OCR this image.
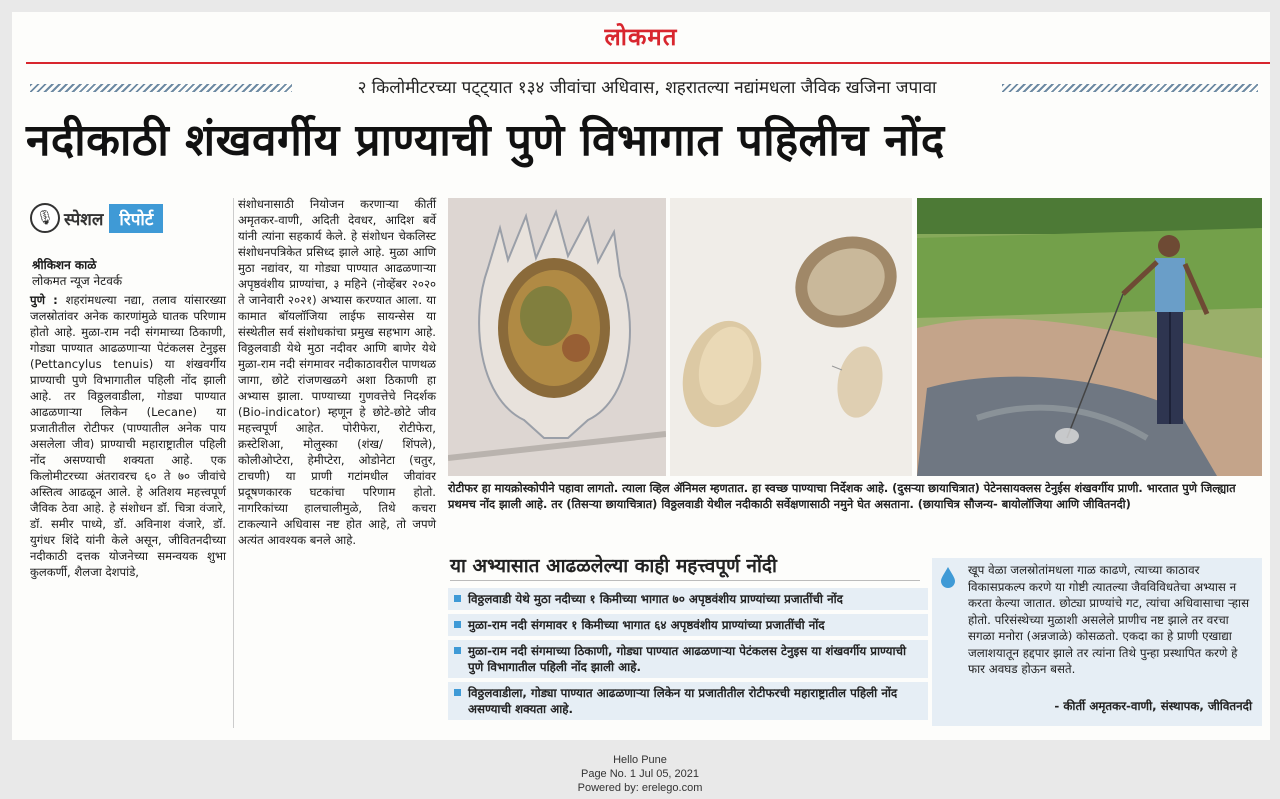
लोकमत
२ किलोमीटरच्या पट्ट्यात १३४ जीवांचा अधिवास, शहरातल्या नद्यांमधला जैविक खजिना जपावा
नदीकाठी शंखवर्गीय प्राण्याची पुणे विभागात पहिलीच नोंद
🎙 स्पेशल रिपोर्ट
श्रीकिशन काळे
लोकमत न्यूज नेटवर्क
पुणे : शहरांमधल्या नद्या, तलाव यांसारख्या जलस्रोतांवर अनेक कारणांमुळे घातक परिणाम होतो आहे. मुळा-राम नदी संगमाच्या ठिकाणी, गोड्या पाण्यात आढळणाऱ्या पेटंकलस टेनुइस (Pettancylus tenuis) या शंखवर्गीय प्राण्याची पुणे विभागातील पहिली नोंद झाली आहे. तर विठ्ठलवाडीला, गोड्या पाण्यात आढळणाऱ्या लिकेन (Lecane) या प्रजातीतील रोटीफर (पाण्यातील अनेक पाय असलेला जीव) प्राण्याची महाराष्ट्रातील पहिली नोंद असण्याची शक्यता आहे. एक किलोमीटरच्या अंतरावरच ६० ते ७० जीवांचे अस्तित्व आढळून आले. हे अतिशय महत्त्वपूर्ण जैविक ठेवा आहे. हे संशोधन डॉ. चित्रा वंजारे, डॉ. समीर पाध्ये, डॉ. अविनाश वंजारे, डॉ. युगंधर शिंदे यांनी केले असून, जीवितनदीच्या नदीकाठी दत्तक योजनेच्या समन्वयक शुभा कुलकर्णी, शैलजा देशपांडे,
संशोधनासाठी नियोजन करणाऱ्या कीर्ती अमृतकर-वाणी, अदिती देवधर, आदिश बर्वे यांनी त्यांना सहकार्य केले. हे संशोधन चेकलिस्ट संशोधनपत्रिकेत प्रसिध्द झाले आहे. मुळा आणि मुठा नद्यांवर, या गोड्या पाण्यात आढळणाऱ्या अपृष्ठवंशीय प्राण्यांचा, ३ महिने (नोव्हेंबर २०२० ते जानेवारी २०२१) अभ्यास करण्यात आला. या कामात बॉयलॉजिया लाईफ सायन्सेस या संस्थेतील सर्व संशोधकांचा प्रमुख सहभाग आहे. विठ्ठलवाडी येथे मुठा नदीवर आणि बाणेर येथे मुळा-राम नदी संगमावर नदीकाठावरील पाणथळ जागा, छोटे रांजणखळगे अशा ठिकाणी हा अभ्यास झाला. पाण्याच्या गुणवत्तेचे निदर्शक (Bio-indicator) म्हणून हे छोटे-छोटे जीव महत्त्वपूर्ण आहेत. पोरीफेरा, रोटीफेरा, क्रस्टेशिआ, मोलुस्का (शंख/ शिंपले), कोलीओप्टेरा, हेमीप्टेरा, ओडोनेटा (चतुर, टाचणी) या प्राणी गटांमधील जीवांवर प्रदूषणकारक घटकांचा परिणाम होतो. नागरिकांच्या हालचालीमुळे, तिथे कचरा टाकल्याने अधिवास नष्ट होत आहे, तो जपणे अत्यंत आवश्यक बनले आहे.
रोटीफर हा मायक्रोस्कोपीने पहावा लागतो. त्याला व्हिल ॲनिमल म्हणतात. हा स्वच्छ पाण्याचा निर्देशक आहे. (दुसऱ्या छायाचित्रात) पेटेनसायक्लस टेनुईस शंखवर्गीय प्राणी. भारतात पुणे जिल्ह्यात प्रथमच नोंद झाली आहे. तर (तिसऱ्या छायाचित्रात) विठ्ठलवाडी येथील नदीकाठी सर्वेक्षणासाठी नमुने घेत असताना. (छायाचित्र सौजन्य- बायोलॉजिया आणि जीवितनदी)
या अभ्यासात आढळलेल्या काही महत्त्वपूर्ण नोंदी
विठ्ठलवाडी येथे मुठा नदीच्या १ किमीच्या भागात ७० अपृष्ठवंशीय प्राण्यांच्या प्रजातींची नोंद
मुळा-राम नदी संगमावर १ किमीच्या भागात ६४ अपृष्ठवंशीय प्राण्यांच्या प्रजातींची नोंद
मुळा-राम नदी संगमाच्या ठिकाणी, गोड्या पाण्यात आढळणाऱ्या पेटंकलस टेनुइस या शंखवर्गीय प्राण्याची पुणे विभागातील पहिली नोंद झाली आहे.
विठ्ठलवाडीला, गोड्या पाण्यात आढळणाऱ्या लिकेन या प्रजातीतील रोटीफरची महाराष्ट्रातील पहिली नोंद असण्याची शक्यता आहे.
खूप वेळा जलस्रोतांमधला गाळ काढणे, त्याच्या काठावर विकासप्रकल्प करणे या गोष्टी त्यातल्या जैवविविधतेचा अभ्यास न करता केल्या जातात. छोट्या प्राण्यांचे गट, त्यांचा अधिवासाचा ऱ्हास होतो. परिसंस्थेच्या मुळाशी असलेले प्राणीच नष्ट झाले तर वरचा सगळा मनोरा (अन्नजाळे) कोसळतो. एकदा का हे प्राणी एखाद्या जलाशयातून हद्दपार झाले तर त्यांना तिथे पुन्हा प्रस्थापित करणे हे फार अवघड होऊन बसते.
- कीर्ती अमृतकर-वाणी, संस्थापक, जीवितनदी
Hello Pune
Page No. 1 Jul 05, 2021
Powered by: erelego.com
